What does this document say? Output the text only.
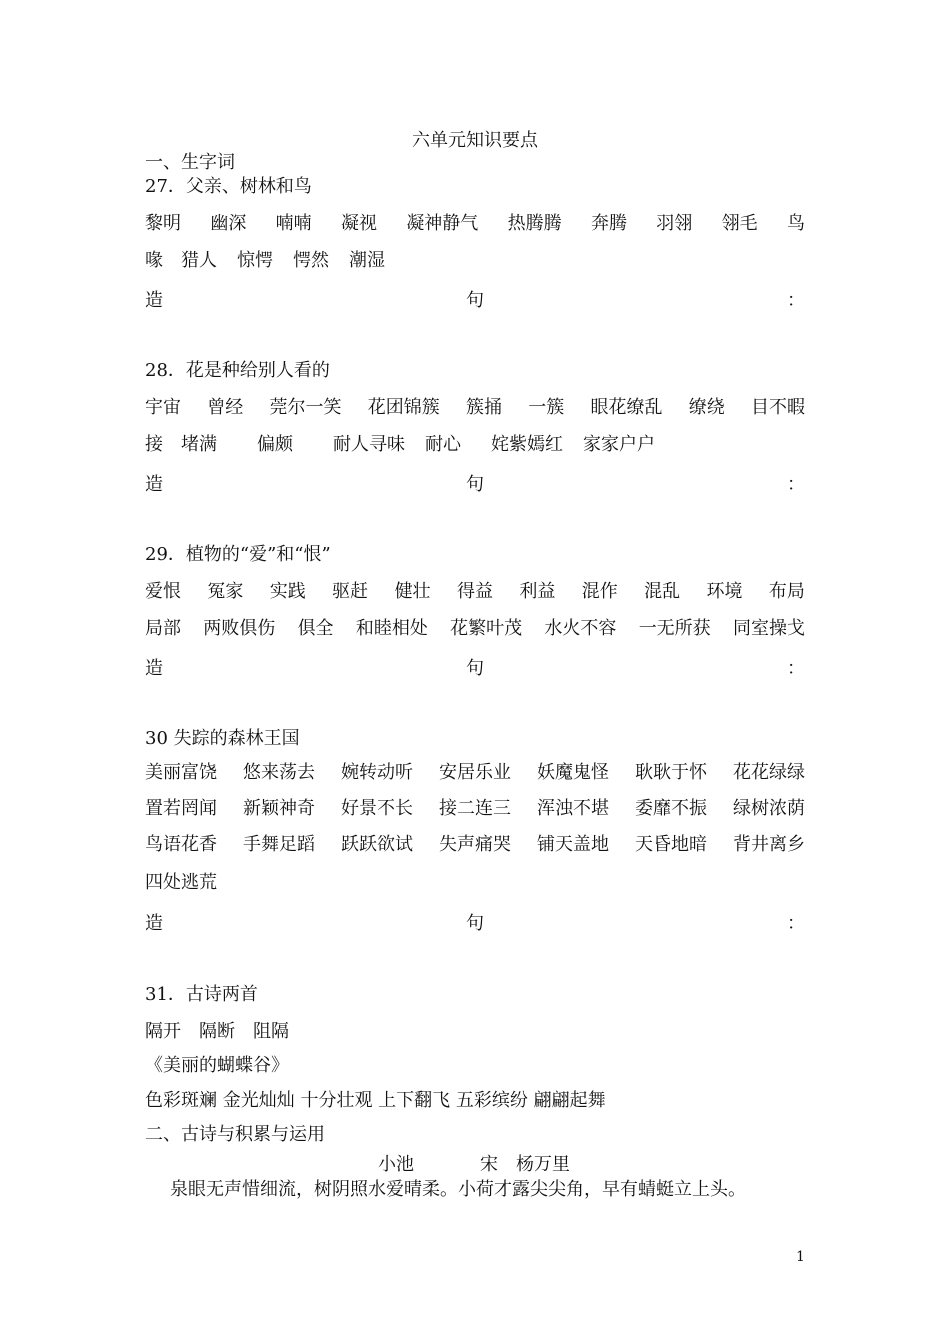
六单元知识要点
一、生字词
27．父亲、树林和鸟
黎明 幽深 喃喃 凝视 凝神静气 热腾腾 奔腾 羽翎 翎毛 鸟
喙 猎人 惊愕 愕然 潮湿
造	句	：
28．花是种给别人看的
宇宙 曾经 莞尔一笑 花团锦簇 簇捅 一簇 眼花缭乱 缭绕 目不暇
接 堵满 偏颇 耐人寻味 耐心 姹紫嫣红 家家户户
造	句	：
29．植物的“爱”和“恨”
爱恨 冤家 实践 驱赶 健壮 得益 利益 混作 混乱 环境 布局
局部 两败俱伤 俱全 和睦相处 花繁叶茂 水火不容 一无所获 同室操戈
造	句	：
30 失踪的森林王国
美丽富饶 悠来荡去 婉转动听 安居乐业 妖魔鬼怪 耿耿于怀 花花绿绿
置若罔闻 新颖神奇 好景不长 接二连三 浑浊不堪 委靡不振 绿树浓荫
鸟语花香 手舞足蹈 跃跃欲试 失声痛哭 铺天盖地 天昏地暗 背井离乡
四处逃荒
造	句	：
31．古诗两首
隔开　隔断　阻隔
《美丽的蝴蝶谷》
色彩斑斓 金光灿灿 十分壮观 上下翻飞 五彩缤纷 翩翩起舞
二、古诗与积累与运用
小池	宋　杨万里
泉眼无声惜细流，树阴照水爱晴柔。小荷才露尖尖角，早有蜻蜓立上头。
1
